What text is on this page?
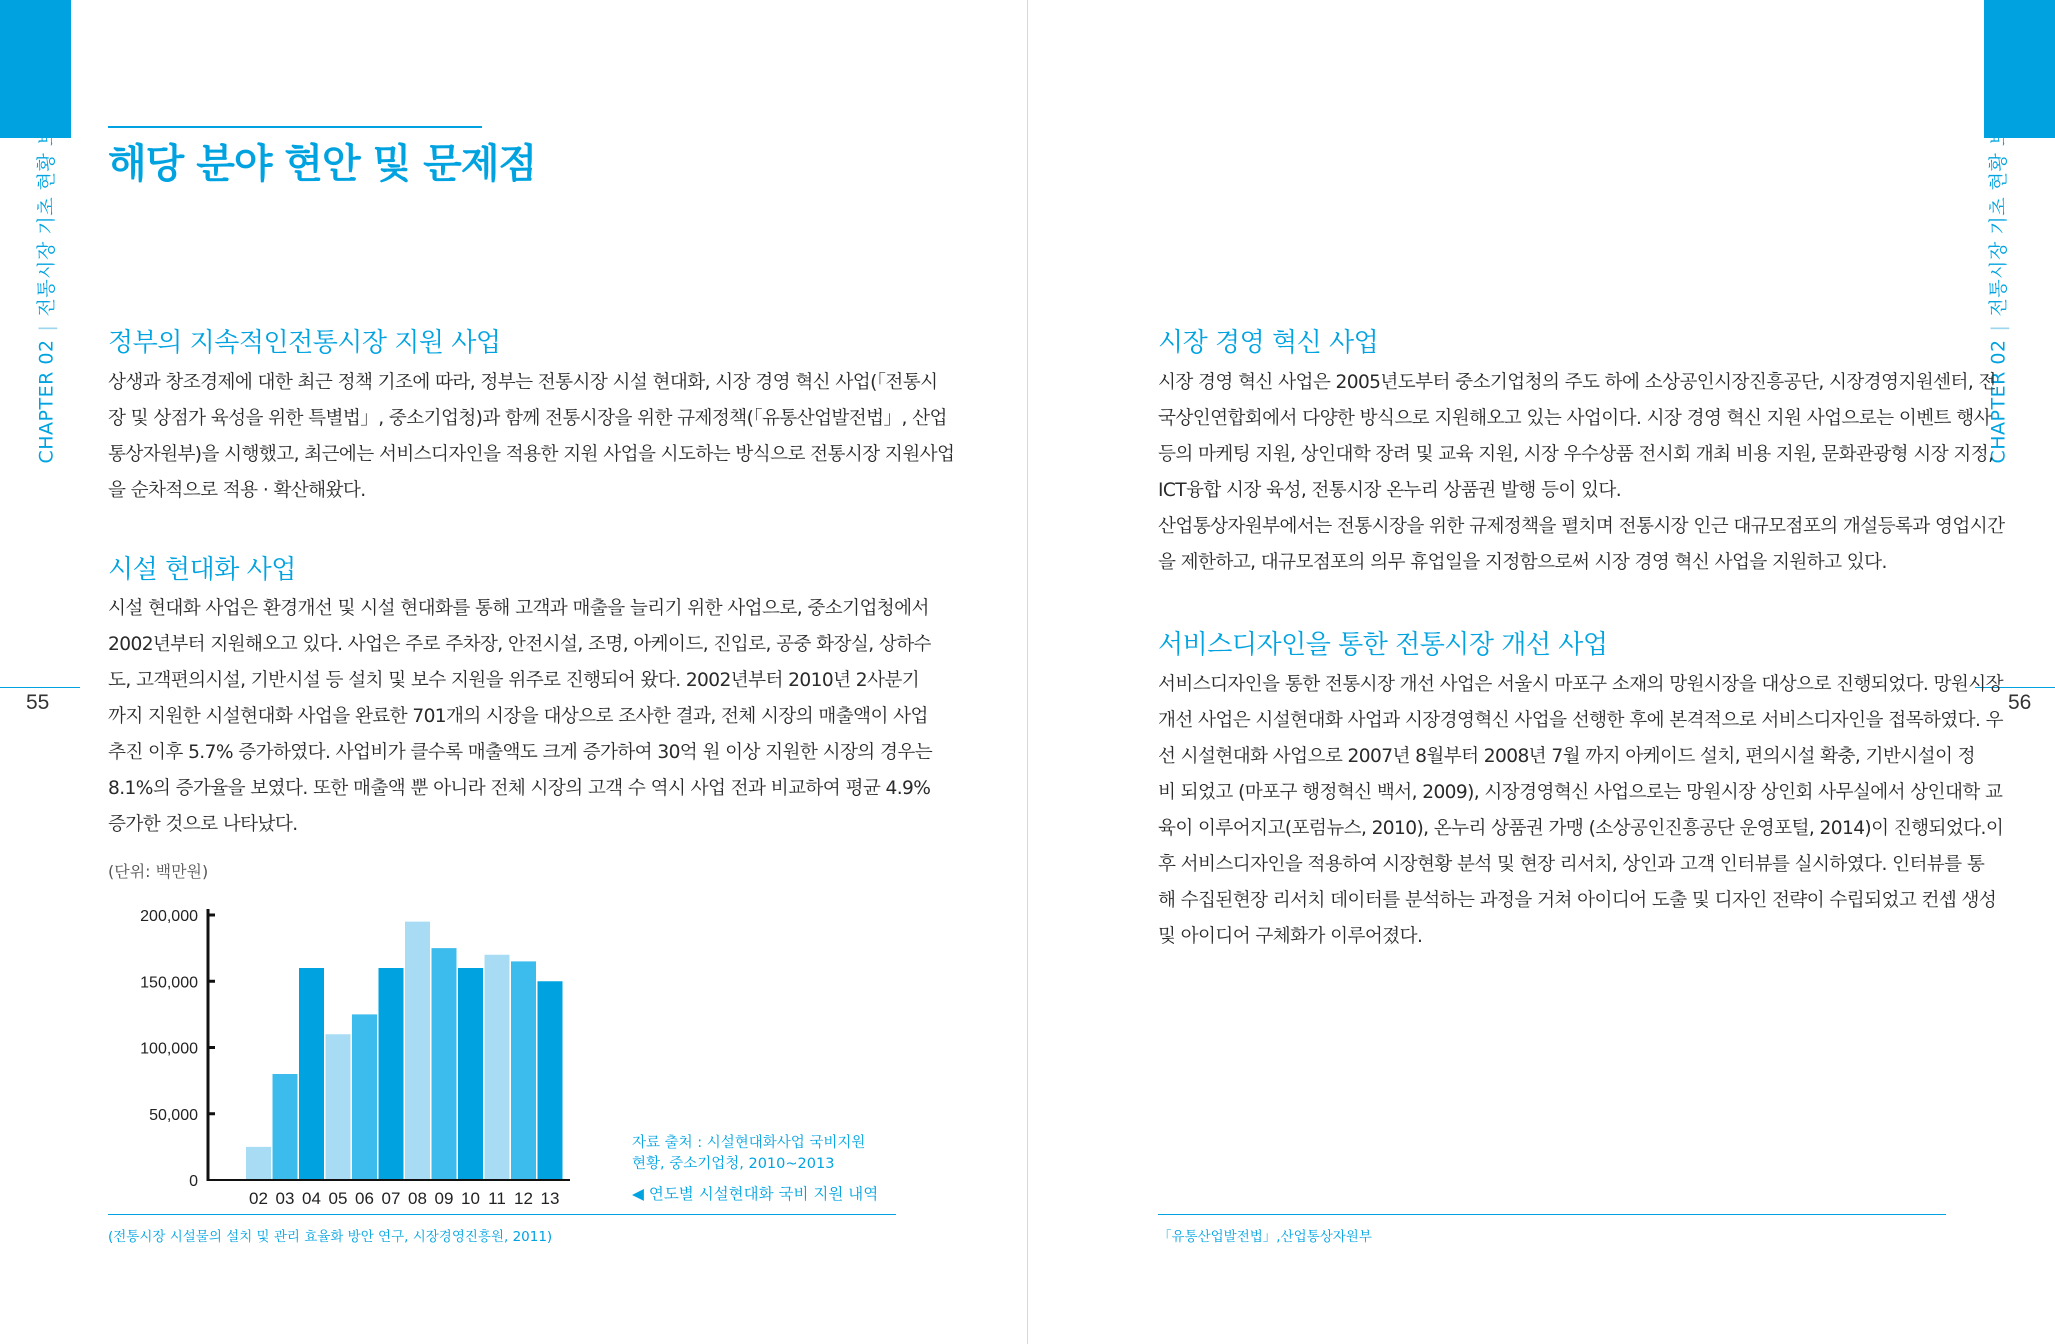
CHAPTER 02|전통시장 기초 현황 보고서
55
해당 분야 현안 및 문제점
정부의 지속적인전통시장 지원 사업

상생과 창조경제에 대한 최근 정책 기조에 따라, 정부는 전통시장 시설 현대화, 시장 경영 혁신 사업(「전통시

장 및 상점가 육성을 위한 특별법」, 중소기업청)과 함께 전통시장을 위한 규제정책(「유통산업발전법」, 산업

통상자원부)을 시행했고, 최근에는 서비스디자인을 적용한 지원 사업을 시도하는 방식으로 전통시장 지원사업

을 순차적으로 적용 · 확산해왔다.

시설 현대화 사업

시설 현대화 사업은 환경개선 및 시설 현대화를 통해 고객과 매출을 늘리기 위한 사업으로, 중소기업청에서

2002년부터 지원해오고 있다. 사업은 주로 주차장, 안전시설, 조명, 아케이드, 진입로, 공중 화장실, 상하수

도, 고객편의시설, 기반시설 등 설치 및 보수 지원을 위주로 진행되어 왔다. 2002년부터 2010년 2사분기

까지 지원한 시설현대화 사업을 완료한 701개의 시장을 대상으로 조사한 결과, 전체 시장의 매출액이 사업

추진 이후 5.7% 증가하였다. 사업비가 클수록 매출액도 크게 증가하여 30억 원 이상 지원한 시장의 경우는

8.1%의 증가율을 보였다. 또한 매출액 뿐 아니라 전체 시장의 고객 수 역시 사업 전과 비교하여 평균 4.9%

증가한 것으로 나타났다.

(단위: 백만원)
0
50,000
100,000
150,000
200,000
02 03 04 05 06 07 08 09 10 11 12 13
자료 출처 : 시설현대화사업 국비지원
현황, 중소기업청, 2010~2013
◀ 연도별 시설현대화 국비 지원 내역
(전통시장 시설물의 설치 및 관리 효율화 방안 연구, 시장경영진흥원, 2011)
CHAPTER 02|전통시장 기초 현황 보고서
56
시장 경영 혁신 사업

시장 경영 혁신 사업은 2005년도부터 중소기업청의 주도 하에 소상공인시장진흥공단, 시장경영지원센터, 전

국상인연합회에서 다양한 방식으로 지원해오고 있는 사업이다. 시장 경영 혁신 지원 사업으로는 이벤트 행사

등의 마케팅 지원, 상인대학 장려 및 교육 지원, 시장 우수상품 전시회 개최 비용 지원, 문화관광형 시장 지정,

ICT융합 시장 육성, 전통시장 온누리 상품권 발행 등이 있다.

산업통상자원부에서는 전통시장을 위한 규제정책을 펼치며 전통시장 인근 대규모점포의 개설등록과 영업시간

을 제한하고, 대규모점포의 의무 휴업일을 지정함으로써 시장 경영 혁신 사업을 지원하고 있다.

서비스디자인을 통한 전통시장 개선 사업

서비스디자인을 통한 전통시장 개선 사업은 서울시 마포구 소재의 망원시장을 대상으로 진행되었다. 망원시장

개선 사업은 시설현대화 사업과 시장경영혁신 사업을 선행한 후에 본격적으로 서비스디자인을 접목하였다. 우

선 시설현대화 사업으로 2007년 8월부터 2008년 7월 까지 아케이드 설치, 편의시설 확충, 기반시설이 정

비 되었고 (마포구 행정혁신 백서, 2009), 시장경영혁신 사업으로는 망원시장 상인회 사무실에서 상인대학 교

육이 이루어지고(포럼뉴스, 2010), 온누리 상품권 가맹 (소상공인진흥공단 운영포털, 2014)이 진행되었다.이

후 서비스디자인을 적용하여 시장현황 분석 및 현장 리서치, 상인과 고객 인터뷰를 실시하였다. 인터뷰를 통

해 수집된현장 리서치 데이터를 분석하는 과정을 거쳐 아이디어 도출 및 디자인 전략이 수립되었고 컨셉 생성

및 아이디어 구체화가 이루어졌다.

「유통산업발전법」,산업통상자원부
